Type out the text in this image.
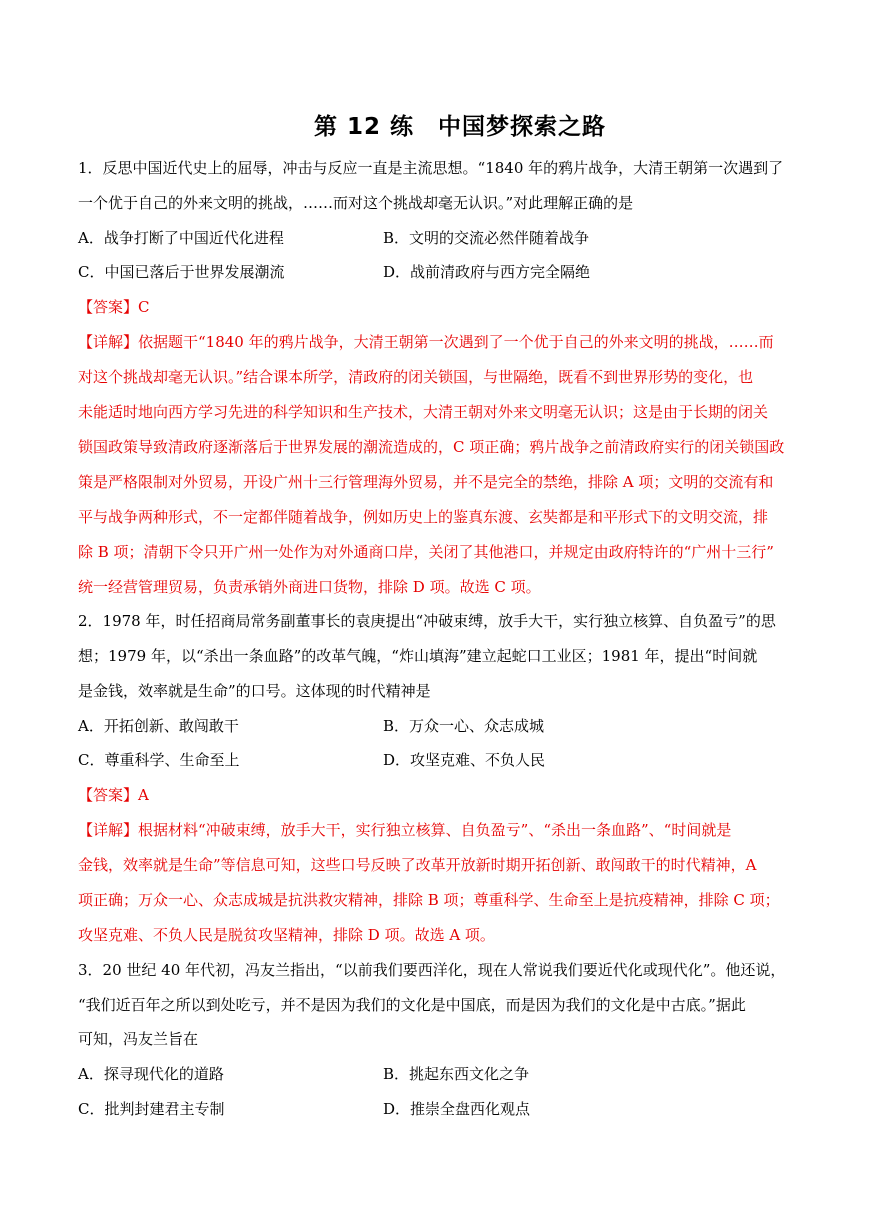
第 12 练　中国梦探索之路
1．反思中国近代史上的屈辱，冲击与反应一直是主流思想。“1840 年的鸦片战争，大清王朝第一次遇到了
一个优于自己的外来文明的挑战，……而对这个挑战却毫无认识。”对此理解正确的是
A．战争打断了中国近代化进程	B．文明的交流必然伴随着战争
C．中国已落后于世界发展潮流	D．战前清政府与西方完全隔绝
【答案】C
【详解】依据题干“1840 年的鸦片战争，大清王朝第一次遇到了一个优于自己的外来文明的挑战，……而
对这个挑战却毫无认识。”结合课本所学，清政府的闭关锁国，与世隔绝，既看不到世界形势的变化，也
未能适时地向西方学习先进的科学知识和生产技术，大清王朝对外来文明毫无认识；这是由于长期的闭关
锁国政策导致清政府逐渐落后于世界发展的潮流造成的，C 项正确；鸦片战争之前清政府实行的闭关锁国政
策是严格限制对外贸易，开设广州十三行管理海外贸易，并不是完全的禁绝，排除 A 项；文明的交流有和
平与战争两种形式，不一定都伴随着战争，例如历史上的鉴真东渡、玄奘都是和平形式下的文明交流，排
除 B 项；清朝下令只开广州一处作为对外通商口岸，关闭了其他港口，并规定由政府特许的“广州十三行”
统一经营管理贸易，负责承销外商进口货物，排除 D 项。故选 C 项。
2．1978 年，时任招商局常务副董事长的袁庚提出“冲破束缚，放手大干，实行独立核算、自负盈亏”的思
想；1979 年，以“杀出一条血路”的改革气魄，“炸山填海”建立起蛇口工业区；1981 年，提出“时间就
是金钱，效率就是生命”的口号。这体现的时代精神是
A．开拓创新、敢闯敢干	B．万众一心、众志成城
C．尊重科学、生命至上	D．攻坚克难、不负人民
【答案】A
【详解】根据材料“冲破束缚，放手大干，实行独立核算、自负盈亏”、“杀出一条血路”、“时间就是
金钱，效率就是生命”等信息可知，这些口号反映了改革开放新时期开拓创新、敢闯敢干的时代精神，A
项正确；万众一心、众志成城是抗洪救灾精神，排除 B 项；尊重科学、生命至上是抗疫精神，排除 C 项；
攻坚克难、不负人民是脱贫攻坚精神，排除 D 项。故选 A 项。
3．20 世纪 40 年代初，冯友兰指出，“以前我们要西洋化，现在人常说我们要近代化或现代化”。他还说，
“我们近百年之所以到处吃亏，并不是因为我们的文化是中国底，而是因为我们的文化是中古底。”据此
可知，冯友兰旨在
A．探寻现代化的道路	B．挑起东西文化之争
C．批判封建君主专制	D．推崇全盘西化观点
